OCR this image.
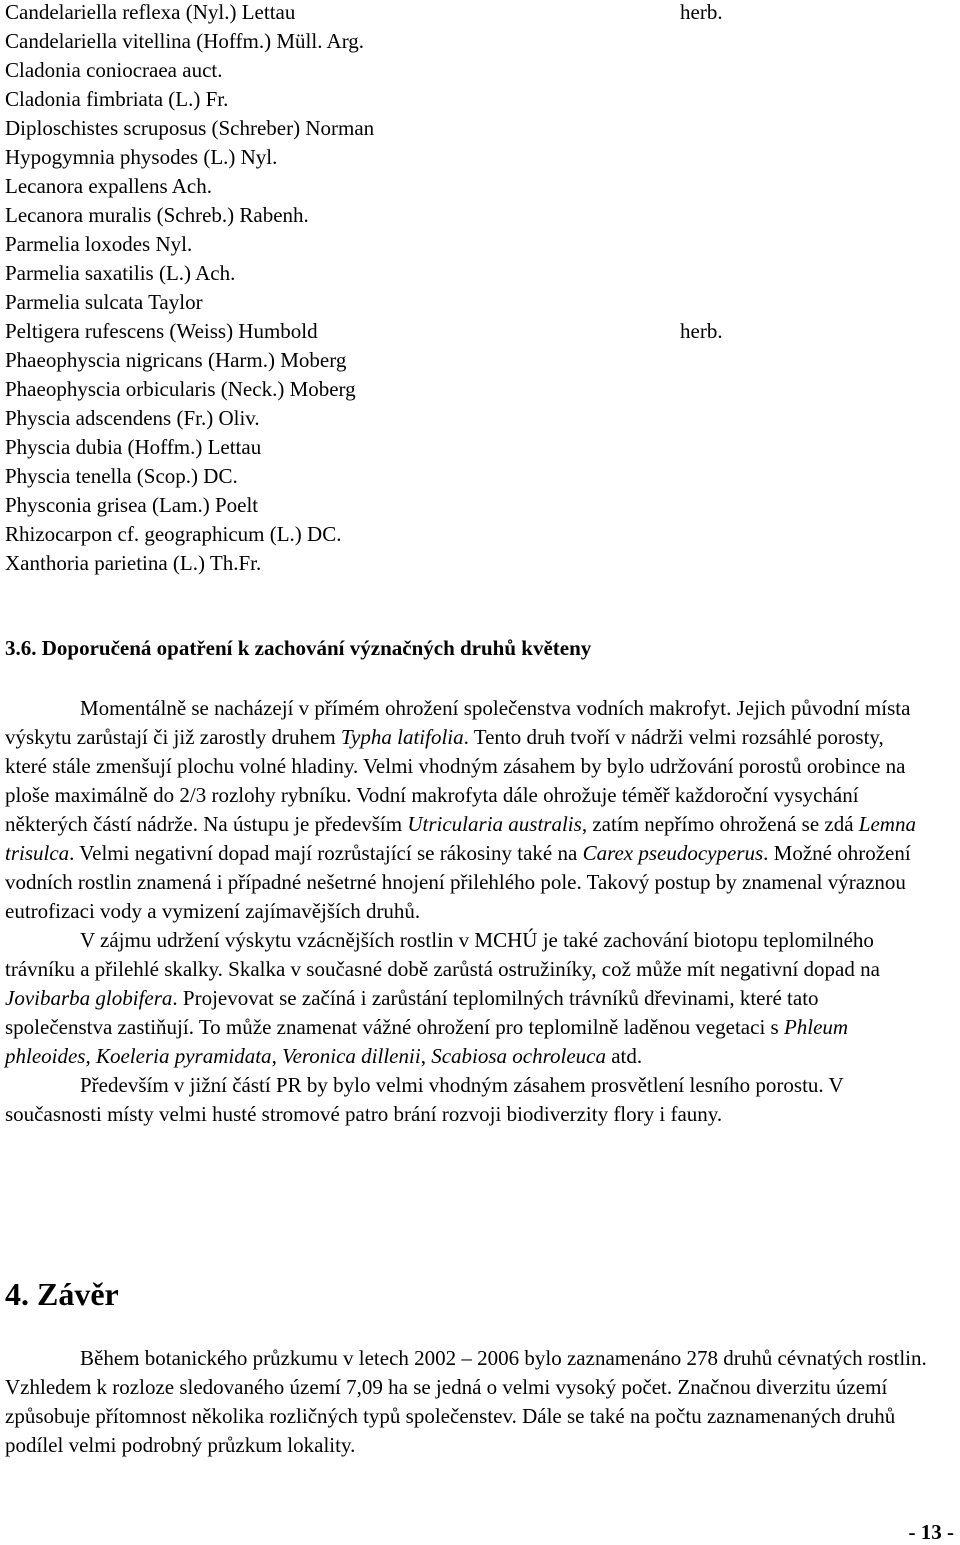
Candelariella reflexa (Nyl.) Lettau	herb.
Candelariella vitellina (Hoffm.) Müll. Arg.
Cladonia coniocraea auct.
Cladonia fimbriata (L.) Fr.
Diploschistes scruposus (Schreber) Norman
Hypogymnia physodes (L.) Nyl.
Lecanora expallens Ach.
Lecanora muralis (Schreb.) Rabenh.
Parmelia loxodes Nyl.
Parmelia saxatilis (L.) Ach.
Parmelia sulcata Taylor
Peltigera rufescens (Weiss) Humbold	herb.
Phaeophyscia nigricans (Harm.) Moberg
Phaeophyscia orbicularis (Neck.) Moberg
Physcia adscendens (Fr.) Oliv.
Physcia dubia (Hoffm.) Lettau
Physcia tenella (Scop.) DC.
Physconia grisea (Lam.) Poelt
Rhizocarpon cf. geographicum (L.) DC.
Xanthoria parietina (L.) Th.Fr.
3.6. Doporučená opatření k zachování význačných druhů květeny

Momentálně se nacházejí v přímém ohrožení společenstva vodních makrofyt. Jejich původní místa výskytu zarůstají či již zarostly druhem Typha latifolia. Tento druh tvoří v nádrži velmi rozsáhlé porosty, které stále zmenšují plochu volné hladiny. Velmi vhodným zásahem by bylo udržování porostů orobince na ploše maximálně do 2/3 rozlohy rybníku. Vodní makrofyta dále ohrožuje téměř každoroční vysychání některých částí nádrže. Na ústupu je především Utricularia australis, zatím nepřímo ohrožená se zdá Lemna trisulca. Velmi negativní dopad mají rozrůstající se rákosiny také na Carex pseudocyperus. Možné ohrožení vodních rostlin znamená i případné nešetrné hnojení přilehlého pole. Takový postup by znamenal výraznou eutrofizaci vody a vymizení zajímavějších druhů.

V zájmu udržení výskytu vzácnějších rostlin v MCHÚ je také zachování biotopu teplomilného trávníku a přilehlé skalky. Skalka v současné době zarůstá ostružiníky, což může mít negativní dopad na Jovibarba globifera. Projevovat se začíná i zarůstání teplomilných trávníků dřevinami, které tato společenstva zastiňují. To může znamenat vážné ohrožení pro teplomilně laděnou vegetaci s Phleum phleoides, Koeleria pyramidata, Veronica dillenii, Scabiosa ochroleuca atd.

Především v jižní částí PR by bylo velmi vhodným zásahem prosvětlení lesního porostu. V současnosti místy velmi husté stromové patro brání rozvoji biodiverzity flory i fauny.

4. Závěr

Během botanického průzkumu v letech 2002 – 2006 bylo zaznamenáno 278 druhů cévnatých rostlin. Vzhledem k rozloze sledovaného území 7,09 ha se jedná o velmi vysoký počet. Značnou diverzitu území způsobuje přítomnost několika rozličných typů společenstev. Dále se také na počtu zaznamenaných druhů podílel velmi podrobný průzkum lokality.

- 13 -
